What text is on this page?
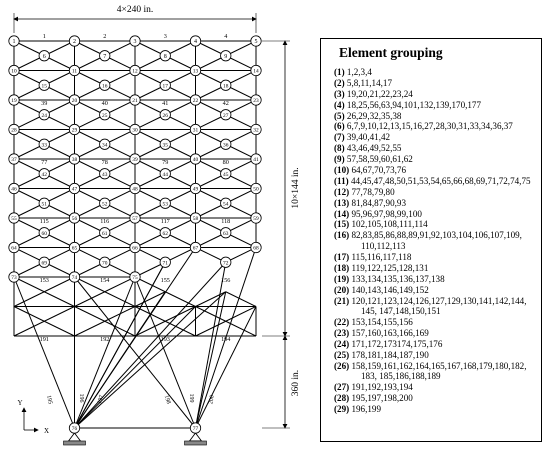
4×240 in.
10×144 in.
360 in.
Y
X
1	2	3	4	5
6	7	8	9
10	11	12	13	14
15	16	17	18
19	20	21	22	23
24	25	26	27
28	29	30	31	32
33	34	35	36
37	38	39	40	41
42	43	44	45
46	47	48	49	50
51	52	53	54
55	56	57	58	59
60	61	62	63
64	65	66	67	68
69	70	71	72
73	74	75
76	77
1	2	3	4
39	40	41	42
77	78	79	80
115	116	117	118
153	154	155	156
191	192	193	194
195	196 197	198	199 200
Element grouping
(1) 1,2,3,4
(2) 5,8,11,14,17
(3) 19,20,21,22,23,24
(4) 18,25,56,63,94,101,132,139,170,177
(5) 26,29,32,35,38
(6) 6,7,9,10,12,13,15,16,27,28,30,31,33,34,36,37
(7) 39,40,41,42
(8) 43,46,49,52,55
(9) 57,58,59,60,61,62
(10) 64,67,70,73,76
(11) 44,45,47,48,50,51,53,54,65,66,68,69,71,72,74,75
(12) 77,78,79,80
(13) 81,84,87,90,93
(14) 95,96,97,98,99,100
(15) 102,105,108,111,114
(16) 82,83,85,86,88,89,91,92,103,104,106,107,109, 110,112,113
(17) 115,116,117,118
(18) 119,122,125,128,131
(19) 133,134,135,136,137,138
(20) 140,143,146,149,152
(21) 120,121,123,124,126,127,129,130,141,142,144, 145, 147,148,150,151
(22) 153,154,155,156
(23) 157,160,163,166,169
(24) 171,172,173174,175,176
(25) 178,181,184,187,190
(26) 158,159,161,162,164,165,167,168,179,180,182, 183, 185,186,188,189
(27) 191,192,193,194
(28) 195,197,198,200
(29) 196,199
